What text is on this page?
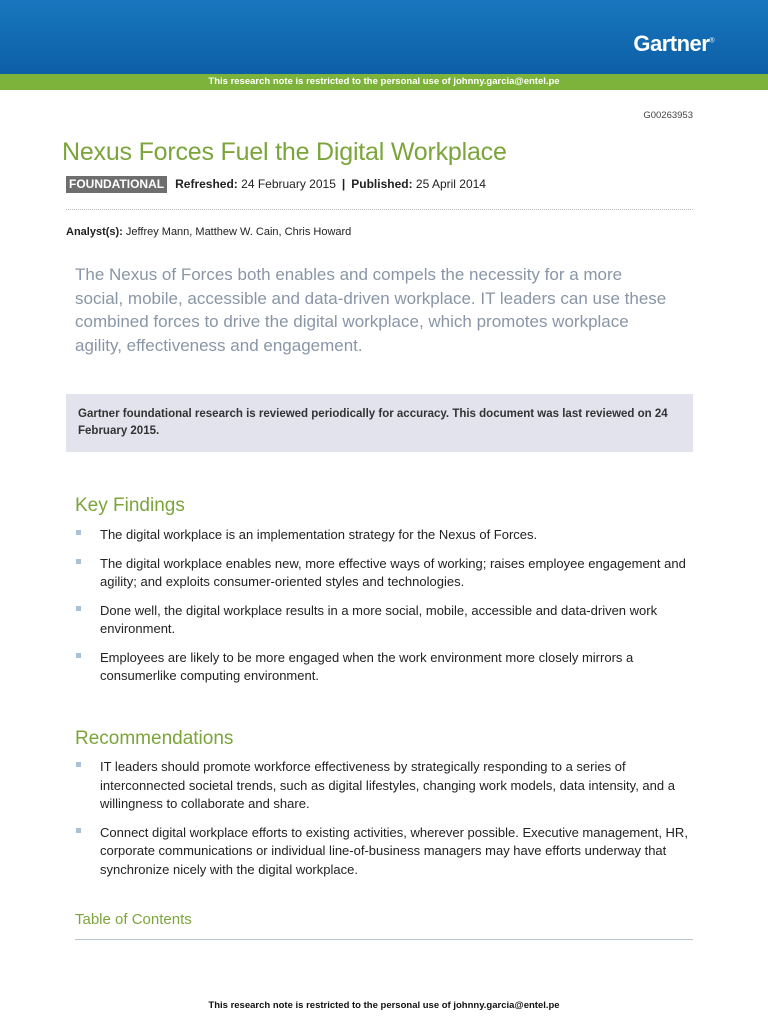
Gartner®
This research note is restricted to the personal use of johnny.garcia@entel.pe
G00263953
Nexus Forces Fuel the Digital Workplace
FOUNDATIONAL Refreshed: 24 February 2015 | Published: 25 April 2014
Analyst(s): Jeffrey Mann, Matthew W. Cain, Chris Howard

The Nexus of Forces both enables and compels the necessity for a more social, mobile, accessible and data-driven workplace. IT leaders can use these combined forces to drive the digital workplace, which promotes workplace agility, effectiveness and engagement.

Gartner foundational research is reviewed periodically for accuracy. This document was last reviewed on 24 February 2015.
Key Findings
The digital workplace is an implementation strategy for the Nexus of Forces.
The digital workplace enables new, more effective ways of working; raises employee engagement and agility; and exploits consumer-oriented styles and technologies.
Done well, the digital workplace results in a more social, mobile, accessible and data-driven work environment.
Employees are likely to be more engaged when the work environment more closely mirrors a consumerlike computing environment.
Recommendations
IT leaders should promote workforce effectiveness by strategically responding to a series of interconnected societal trends, such as digital lifestyles, changing work models, data intensity, and a willingness to collaborate and share.
Connect digital workplace efforts to existing activities, wherever possible. Executive management, HR, corporate communications or individual line-of-business managers may have efforts underway that synchronize nicely with the digital workplace.
Table of Contents
This research note is restricted to the personal use of johnny.garcia@entel.pe
